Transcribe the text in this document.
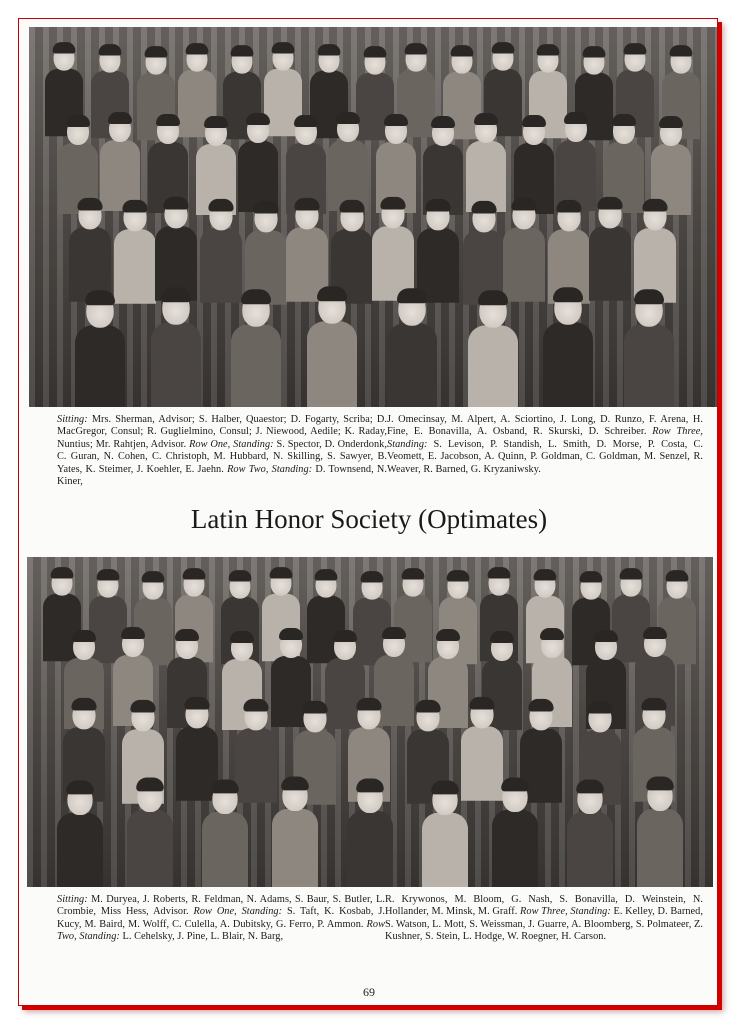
Sitting: Mrs. Sherman, Advisor; S. Halber, Quaestor; D. Fogarty, Scriba; D. MacGregor, Consul; R. Guglielmino, Consul; J. Niewood, Aedile; K. Raday, Nuntius; Mr. Rahtjen, Advisor. Row One, Standing: S. Spector, D. Onderdonk, C. Guran, N. Cohen, C. Christoph, M. Hubbard, N. Skilling, S. Sawyer, B. Yates, K. Steimer, J. Koehler, E. Jaehn. Row Two, Standing: D. Townsend, N. Kiner,
J. Omecinsay, M. Alpert, A. Sciortino, J. Long, D. Runzo, F. Arena, H. Fine, E. Bonavilla, A. Osband, R. Skurski, D. Schreiber. Row Three, Standing: S. Levison, P. Standish, L. Smith, D. Morse, P. Costa, C. Veomett, E. Jacobson, A. Quinn, P. Goldman, C. Goldman, M. Senzel, R. Weaver, R. Barned, G. Kryzaniwsky.
Latin Honor Society (Optimates)
Sitting: M. Duryea, J. Roberts, R. Feldman, N. Adams, S. Baur, S. Butler, L. Crombie, Miss Hess, Advisor. Row One, Standing: S. Taft, K. Kosbab, J. Kucy, M. Baird, M. Wolff, C. Culella, A. Dubitsky, G. Ferro, P. Ammon. Row Two, Standing: L. Cehelsky, J. Pine, L. Blair, N. Barg,
R. Krywonos, M. Bloom, G. Nash, S. Bonavilla, D. Weinstein, N. Hollander, M. Minsk, M. Graff. Row Three, Standing: E. Kelley, D. Barned, S. Watson, L. Mott, S. Weissman, J. Guarre, A. Bloomberg, S. Polmateer, Z. Kushner, S. Stein, L. Hodge, W. Roegner, H. Carson.
69
